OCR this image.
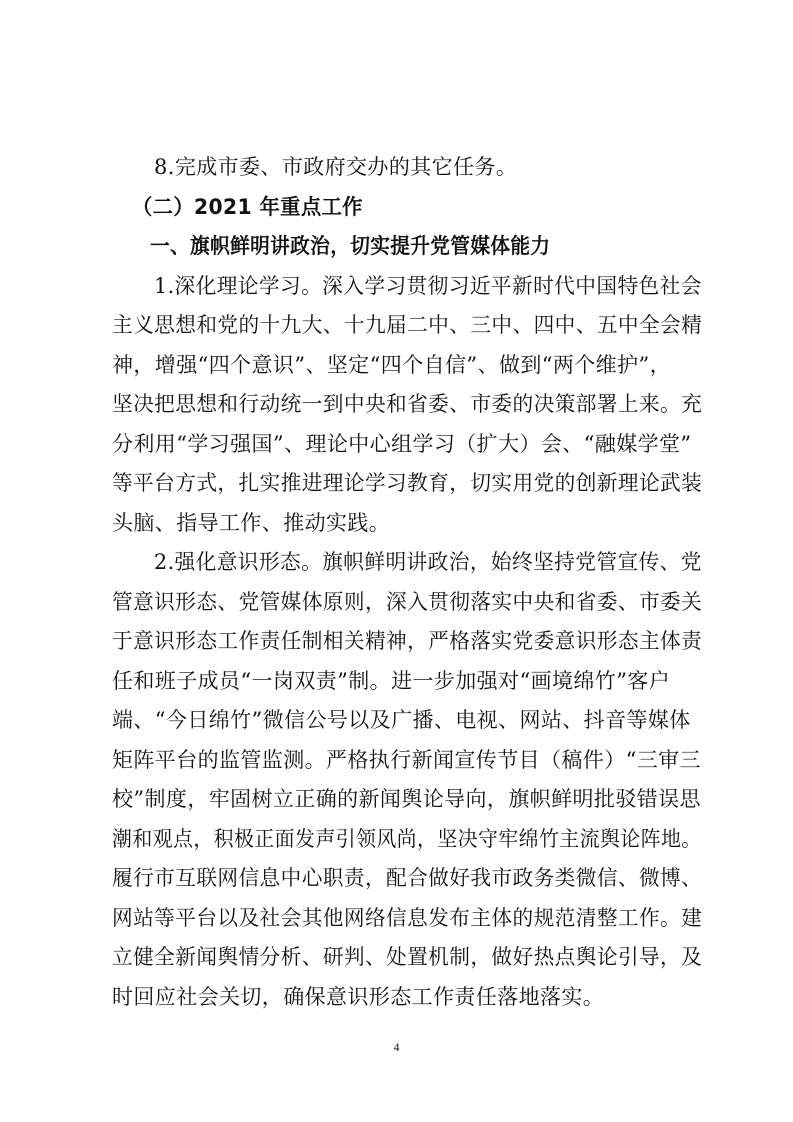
8.完成市委、市政府交办的其它任务。
（二）2021 年重点工作
一、旗帜鲜明讲政治，切实提升党管媒体能力
1.深化理论学习。深入学习贯彻习近平新时代中国特色社会
主义思想和党的十九大、十九届二中、三中、四中、五中全会精
神，增强“四个意识”、坚定“四个自信”、做到“两个维护”，
坚决把思想和行动统一到中央和省委、市委的决策部署上来。充
分利用“学习强国”、理论中心组学习（扩大）会、“融媒学堂”
等平台方式，扎实推进理论学习教育，切实用党的创新理论武装
头脑、指导工作、推动实践。
2.强化意识形态。旗帜鲜明讲政治，始终坚持党管宣传、党
管意识形态、党管媒体原则，深入贯彻落实中央和省委、市委关
于意识形态工作责任制相关精神，严格落实党委意识形态主体责
任和班子成员“一岗双责”制。进一步加强对“画境绵竹”客户
端、“今日绵竹”微信公号以及广播、电视、网站、抖音等媒体
矩阵平台的监管监测。严格执行新闻宣传节目（稿件）“三审三
校”制度，牢固树立正确的新闻舆论导向，旗帜鲜明批驳错误思
潮和观点，积极正面发声引领风尚，坚决守牢绵竹主流舆论阵地。
履行市互联网信息中心职责，配合做好我市政务类微信、微博、
网站等平台以及社会其他网络信息发布主体的规范清整工作。建
立健全新闻舆情分析、研判、处置机制，做好热点舆论引导，及
时回应社会关切，确保意识形态工作责任落地落实。
4
